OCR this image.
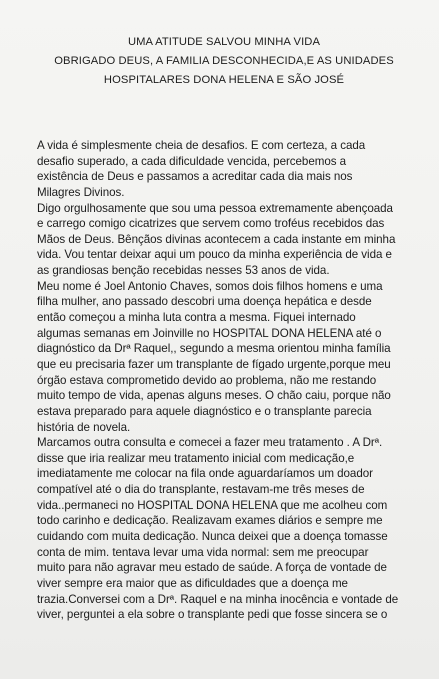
UMA ATITUDE SALVOU MINHA VIDA
OBRIGADO DEUS, A FAMILIA DESCONHECIDA,E AS UNIDADES
HOSPITALARES DONA HELENA E SÃO JOSÉ
A vida é simplesmente cheia de desafios. E com certeza, a cada
desafio superado, a cada dificuldade vencida, percebemos a
existência de Deus e passamos a acreditar cada dia mais nos
Milagres Divinos.
Digo orgulhosamente que sou uma pessoa extremamente abençoada
e carrego comigo cicatrizes que servem como troféus recebidos das
Mãos de Deus. Bênçãos divinas acontecem a cada instante em minha
vida. Vou tentar deixar aqui um pouco da minha experiência de vida e
as grandiosas benção recebidas nesses 53 anos de vida.
Meu nome é Joel Antonio Chaves, somos dois filhos homens e uma
filha mulher, ano passado descobri uma doença hepática e desde
então começou a minha luta contra a mesma. Fiquei internado
algumas semanas em Joinville no HOSPITAL DONA HELENA até o
diagnóstico da Drª Raquel,, segundo a mesma orientou minha família
que eu precisaria fazer um transplante de fígado urgente,porque meu
órgão estava comprometido devido ao problema, não me restando
muito tempo de vida, apenas alguns meses. O chão caiu, porque não
estava preparado para aquele diagnóstico e o transplante parecia
história de novela.
Marcamos outra consulta e comecei a fazer meu tratamento . A Drª.
disse que iria realizar meu tratamento inicial com medicação,e
imediatamente me colocar na fila onde aguardaríamos um doador
compatível até o dia do transplante, restavam-me três meses de
vida..permaneci no HOSPITAL DONA HELENA que me acolheu com
todo carinho e dedicação. Realizavam exames diários e sempre me
cuidando com muita dedicação. Nunca deixei que a doença tomasse
conta de mim. tentava levar uma vida normal: sem me preocupar
muito para não agravar meu estado de saúde. A força de vontade de
viver sempre era maior que as dificuldades que a doença me
trazia.Conversei com a Drª. Raquel e na minha inocência e vontade de
viver, perguntei a ela sobre o transplante pedi que fosse sincera se o
